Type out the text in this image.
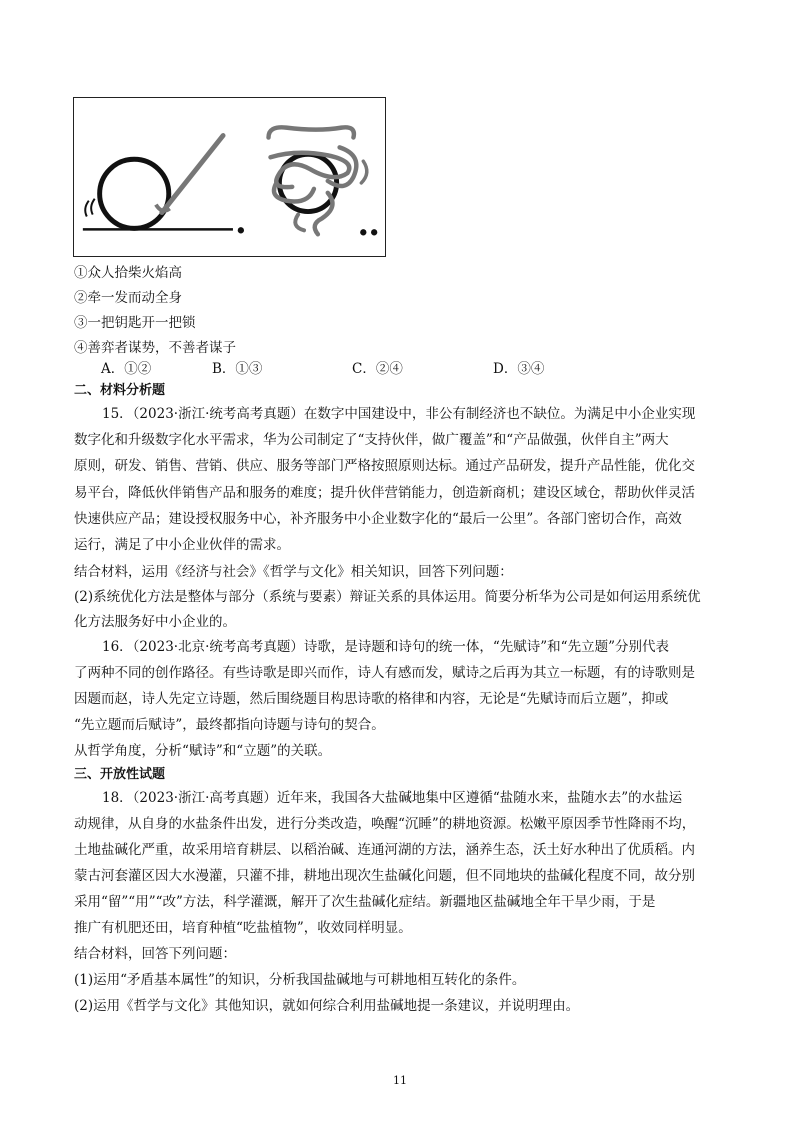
①众人拾柴火焰高
②牵一发而动全身
③一把钥匙开一把锁
④善弈者谋势，不善者谋子
A．①②	B．①③	C．②④	D．③④
二、材料分析题
15．（2023·浙江·统考高考真题）在数字中国建设中，非公有制经济也不缺位。为满足中小企业实现
数字化和升级数字化水平需求，华为公司制定了“支持伙伴，做广覆盖”和“产品做强，伙伴自主”两大
原则，研发、销售、营销、供应、服务等部门严格按照原则达标。通过产品研发，提升产品性能，优化交
易平台，降低伙伴销售产品和服务的难度；提升伙伴营销能力，创造新商机；建设区域仓，帮助伙伴灵活
快速供应产品；建设授权服务中心，补齐服务中小企业数字化的“最后一公里”。各部门密切合作，高效
运行，满足了中小企业伙伴的需求。
结合材料，运用《经济与社会》《哲学与文化》相关知识，回答下列问题：
(2)系统优化方法是整体与部分（系统与要素）辩证关系的具体运用。简要分析华为公司是如何运用系统优
化方法服务好中小企业的。
16．（2023·北京·统考高考真题）诗歌，是诗题和诗句的统一体，“先赋诗”和“先立题”分别代表
了两种不同的创作路径。有些诗歌是即兴而作，诗人有感而发，赋诗之后再为其立一标题，有的诗歌则是
因题而赵，诗人先定立诗题，然后围绕题目构思诗歌的格律和内容，无论是“先赋诗而后立题”，抑或
“先立题而后赋诗”，最终都指向诗题与诗句的契合。
从哲学角度，分析“赋诗”和“立题”的关联。
三、开放性试题
18．（2023·浙江·高考真题）近年来，我国各大盐碱地集中区遵循“盐随水来，盐随水去”的水盐运
动规律，从自身的水盐条件出发，进行分类改造，唤醒“沉睡”的耕地资源。松嫩平原因季节性降雨不均，
土地盐碱化严重，故采用培育耕层、以稻治碱、连通河湖的方法，涵养生态，沃土好水种出了优质稻。内
蒙古河套灌区因大水漫灌，只灌不排，耕地出现次生盐碱化问题，但不同地块的盐碱化程度不同，故分别
采用“留”“用”“改”方法，科学灌溉，解开了次生盐碱化症结。新疆地区盐碱地全年干旱少雨，于是
推广有机肥还田，培育种植“吃盐植物”，收效同样明显。
结合材料，回答下列问题：
(1)运用“矛盾基本属性”的知识，分析我国盐碱地与可耕地相互转化的条件。
(2)运用《哲学与文化》其他知识，就如何综合利用盐碱地提一条建议，并说明理由。
11
